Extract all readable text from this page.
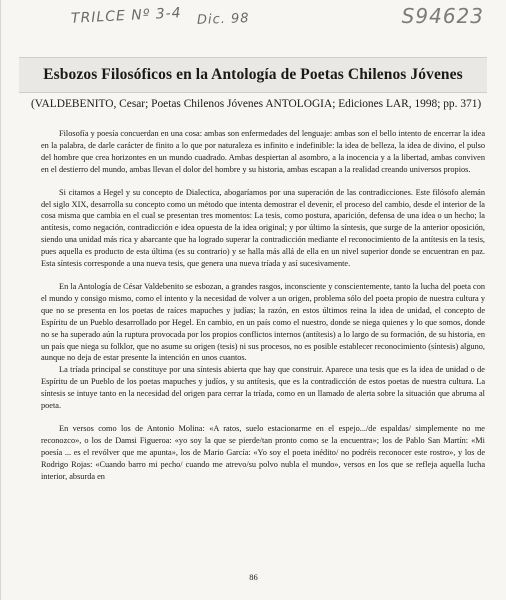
TRILCE Nº 3-4 Dic. 98	S94623
Esbozos Filosóficos en la Antología de Poetas Chilenos Jóvenes
(VALDEBENITO, Cesar; Poetas Chilenos Jóvenes ANTOLOGIA; Ediciones LAR, 1998; pp. 371)

Filosofía y poesía concuerdan en una cosa: ambas son enfermedades del lenguaje: ambas son el bello intento de encerrar la idea en la palabra, de darle carácter de finito a lo que por naturaleza es infinito e indefinible: la idea de belleza, la idea de divino, el pulso del hombre que crea horizontes en un mundo cuadrado. Ambas despiertan al asombro, a la inocencia y a la libertad, ambas conviven en el destierro del mundo, ambas llevan el dolor del hombre y su historia, ambas escapan a la realidad creando universos propios.

Si citamos a Hegel y su concepto de Dialectica, abogaríamos por una superación de las contradicciones. Este filósofo alemán del siglo XIX, desarrolla su concepto como un método que intenta demostrar el devenir, el proceso del cambio, desde el interior de la cosa misma que cambia en el cual se presentan tres momentos: La tesis, como postura, aparición, defensa de una idea o un hecho; la antítesis, como negación, contradicción e idea opuesta de la idea original; y por último la síntesis, que surge de la anterior oposición, siendo una unidad más rica y abarcante que ha logrado superar la contradicción mediante el reconocimiento de la antítesis en la tesis, pues aquella es producto de esta última (es su contrario) y se halla más allá de ella en un nivel superior donde se encuentran en paz. Esta síntesis corresponde a una nueva tesis, que genera una nueva tríada y así sucesivamente.

En la Antología de César Valdebenito se esbozan, a grandes rasgos, inconsciente y conscientemente, tanto la lucha del poeta con el mundo y consigo mismo, como el intento y la necesidad de volver a un origen, problema sólo del poeta propio de nuestra cultura y que no se presenta en los poetas de raíces mapuches y judías; la razón, en estos últimos reina la idea de unidad, el concepto de Espíritu de un Pueblo desarrollado por Hegel. En cambio, en un país como el nuestro, donde se niega quienes y lo que somos, donde no se ha superado aún la ruptura provocada por los propios conflictos internos (antítesis) a lo largo de su formación, de su historia, en un país que niega su folklor, que no asume su origen (tesis) ni sus procesos, no es posible establecer reconocimiento (síntesis) alguno, aunque no deja de estar presente la intención en unos cuantos.

La tríada principal se constituye por una síntesis abierta que hay que construir. Aparece una tesis que es la idea de unidad o de Espíritu de un Pueblo de los poetas mapuches y judíos, y su antítesis, que es la contradicción de estos poetas de nuestra cultura. La síntesis se intuye tanto en la necesidad del origen para cerrar la tríada, como en un llamado de alerta sobre la situación que abruma al poeta.

En versos como los de Antonio Molina: «A ratos, suelo estacionarme en el espejo.../de espaldas/ simplemente no me reconozco», o los de Damsi Figueroa: «yo soy la que se pierde/tan pronto como se la encuentra»; los de Pablo San Martín: «Mi poesía ... es el revólver que me apunta», los de Mario García: «Yo soy el poeta inédito/ no podréis reconocer este rostro», y los de Rodrigo Rojas: «Cuando barro mi pecho/ cuando me atrevo/su polvo nubla el mundo», versos en los que se refleja aquella lucha interior, absurda en

86
